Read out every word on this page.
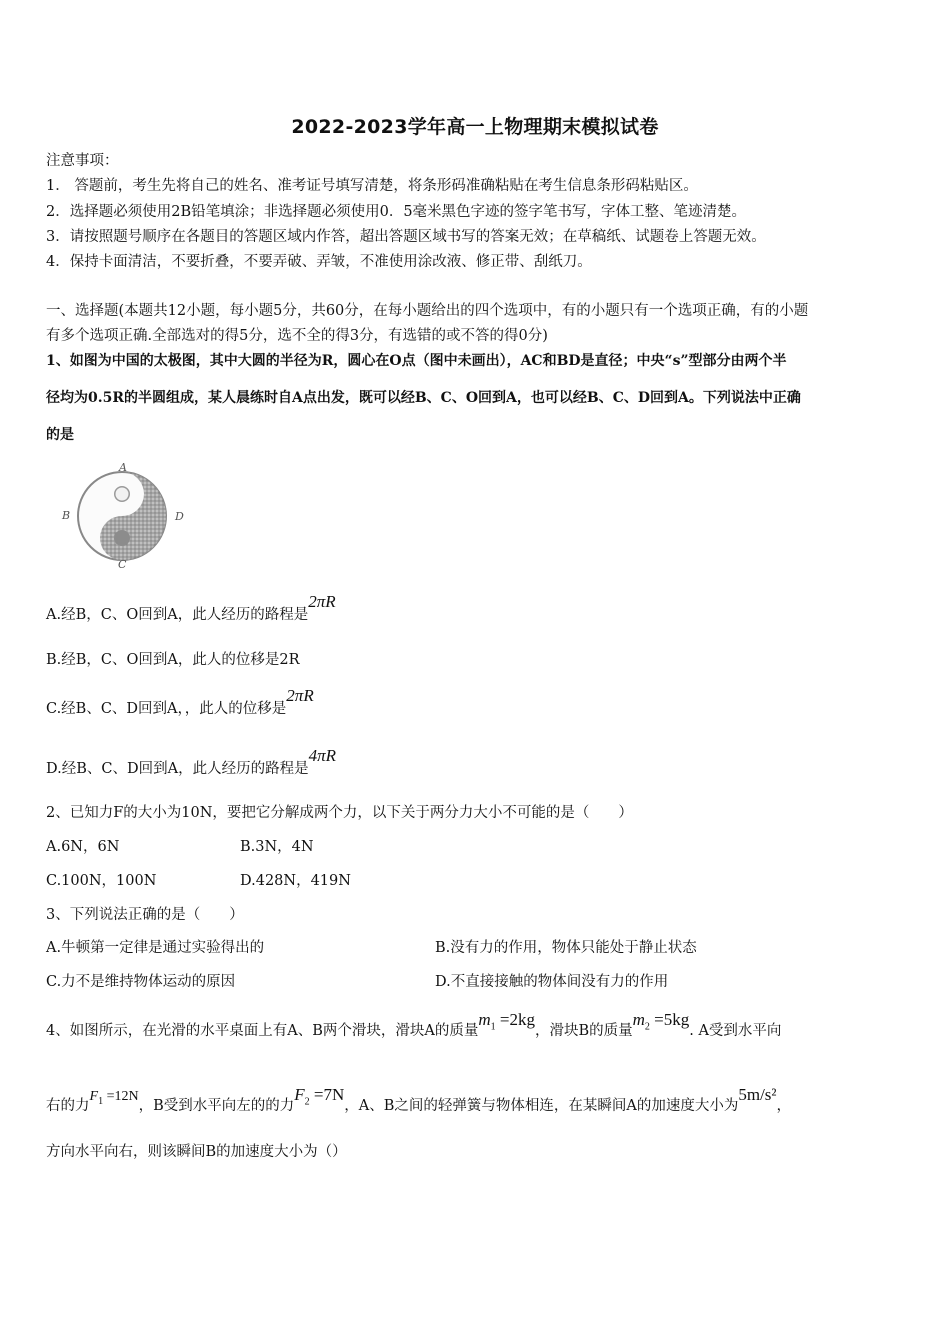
2022-2023学年高一上物理期末模拟试卷
注意事项：
1． 答题前，考生先将自己的姓名、准考证号填写清楚，将条形码准确粘贴在考生信息条形码粘贴区。
2．选择题必须使用2B铅笔填涂；非选择题必须使用0．5毫米黑色字迹的签字笔书写，字体工整、笔迹清楚。
3．请按照题号顺序在各题目的答题区域内作答，超出答题区域书写的答案无效；在草稿纸、试题卷上答题无效。
4．保持卡面清洁，不要折叠，不要弄破、弄皱，不准使用涂改液、修正带、刮纸刀。
一、选择题(本题共12小题，每小题5分，共60分，在每小题给出的四个选项中，有的小题只有一个选项正确，有的小题
有多个选项正确.全部选对的得5分，选不全的得3分，有选错的或不答的得0分)
1、如图为中国的太极图，其中大圆的半径为R，圆心在O点（图中未画出），AC和BD是直径；中央“s”型部分由两个半
径均为0.5R的半圆组成，某人晨练时自A点出发，既可以经B、C、O回到A，也可以经B、C、D回到A。下列说法中正确
的是
A
B
C
D
A.经B，C、O回到A，此人经历的路程是2πR
B.经B，C、O回到A，此人的位移是2R
C.经B、C、D回到A，，此人的位移是2πR
D.经B、C、D回到A，此人经历的路程是4πR
2、已知力F的大小为10N，要把它分解成两个力，以下关于两分力大小不可能的是（　　）
A.6N，6N	B.3N，4N
C.100N，100N	D.428N，419N
3、下列说法正确的是（　　）
A.牛顿第一定律是通过实验得出的	B.没有力的作用，物体只能处于静止状态
C.力不是维持物体运动的原因	D.不直接接触的物体间没有力的作用
4、如图所示，在光滑的水平桌面上有A、B两个滑块，滑块A的质量$m_1 =2kg$，滑块B的质量$m_2 =5kg$. A受到水平向
右的力$F_1 =12N$，B受到水平向左的的力$F_2 =7N$，A、B之间的轻弹簧与物体相连，在某瞬间A的加速度大小为5m/s²，
方向水平向右，则该瞬间B的加速度大小为（）
